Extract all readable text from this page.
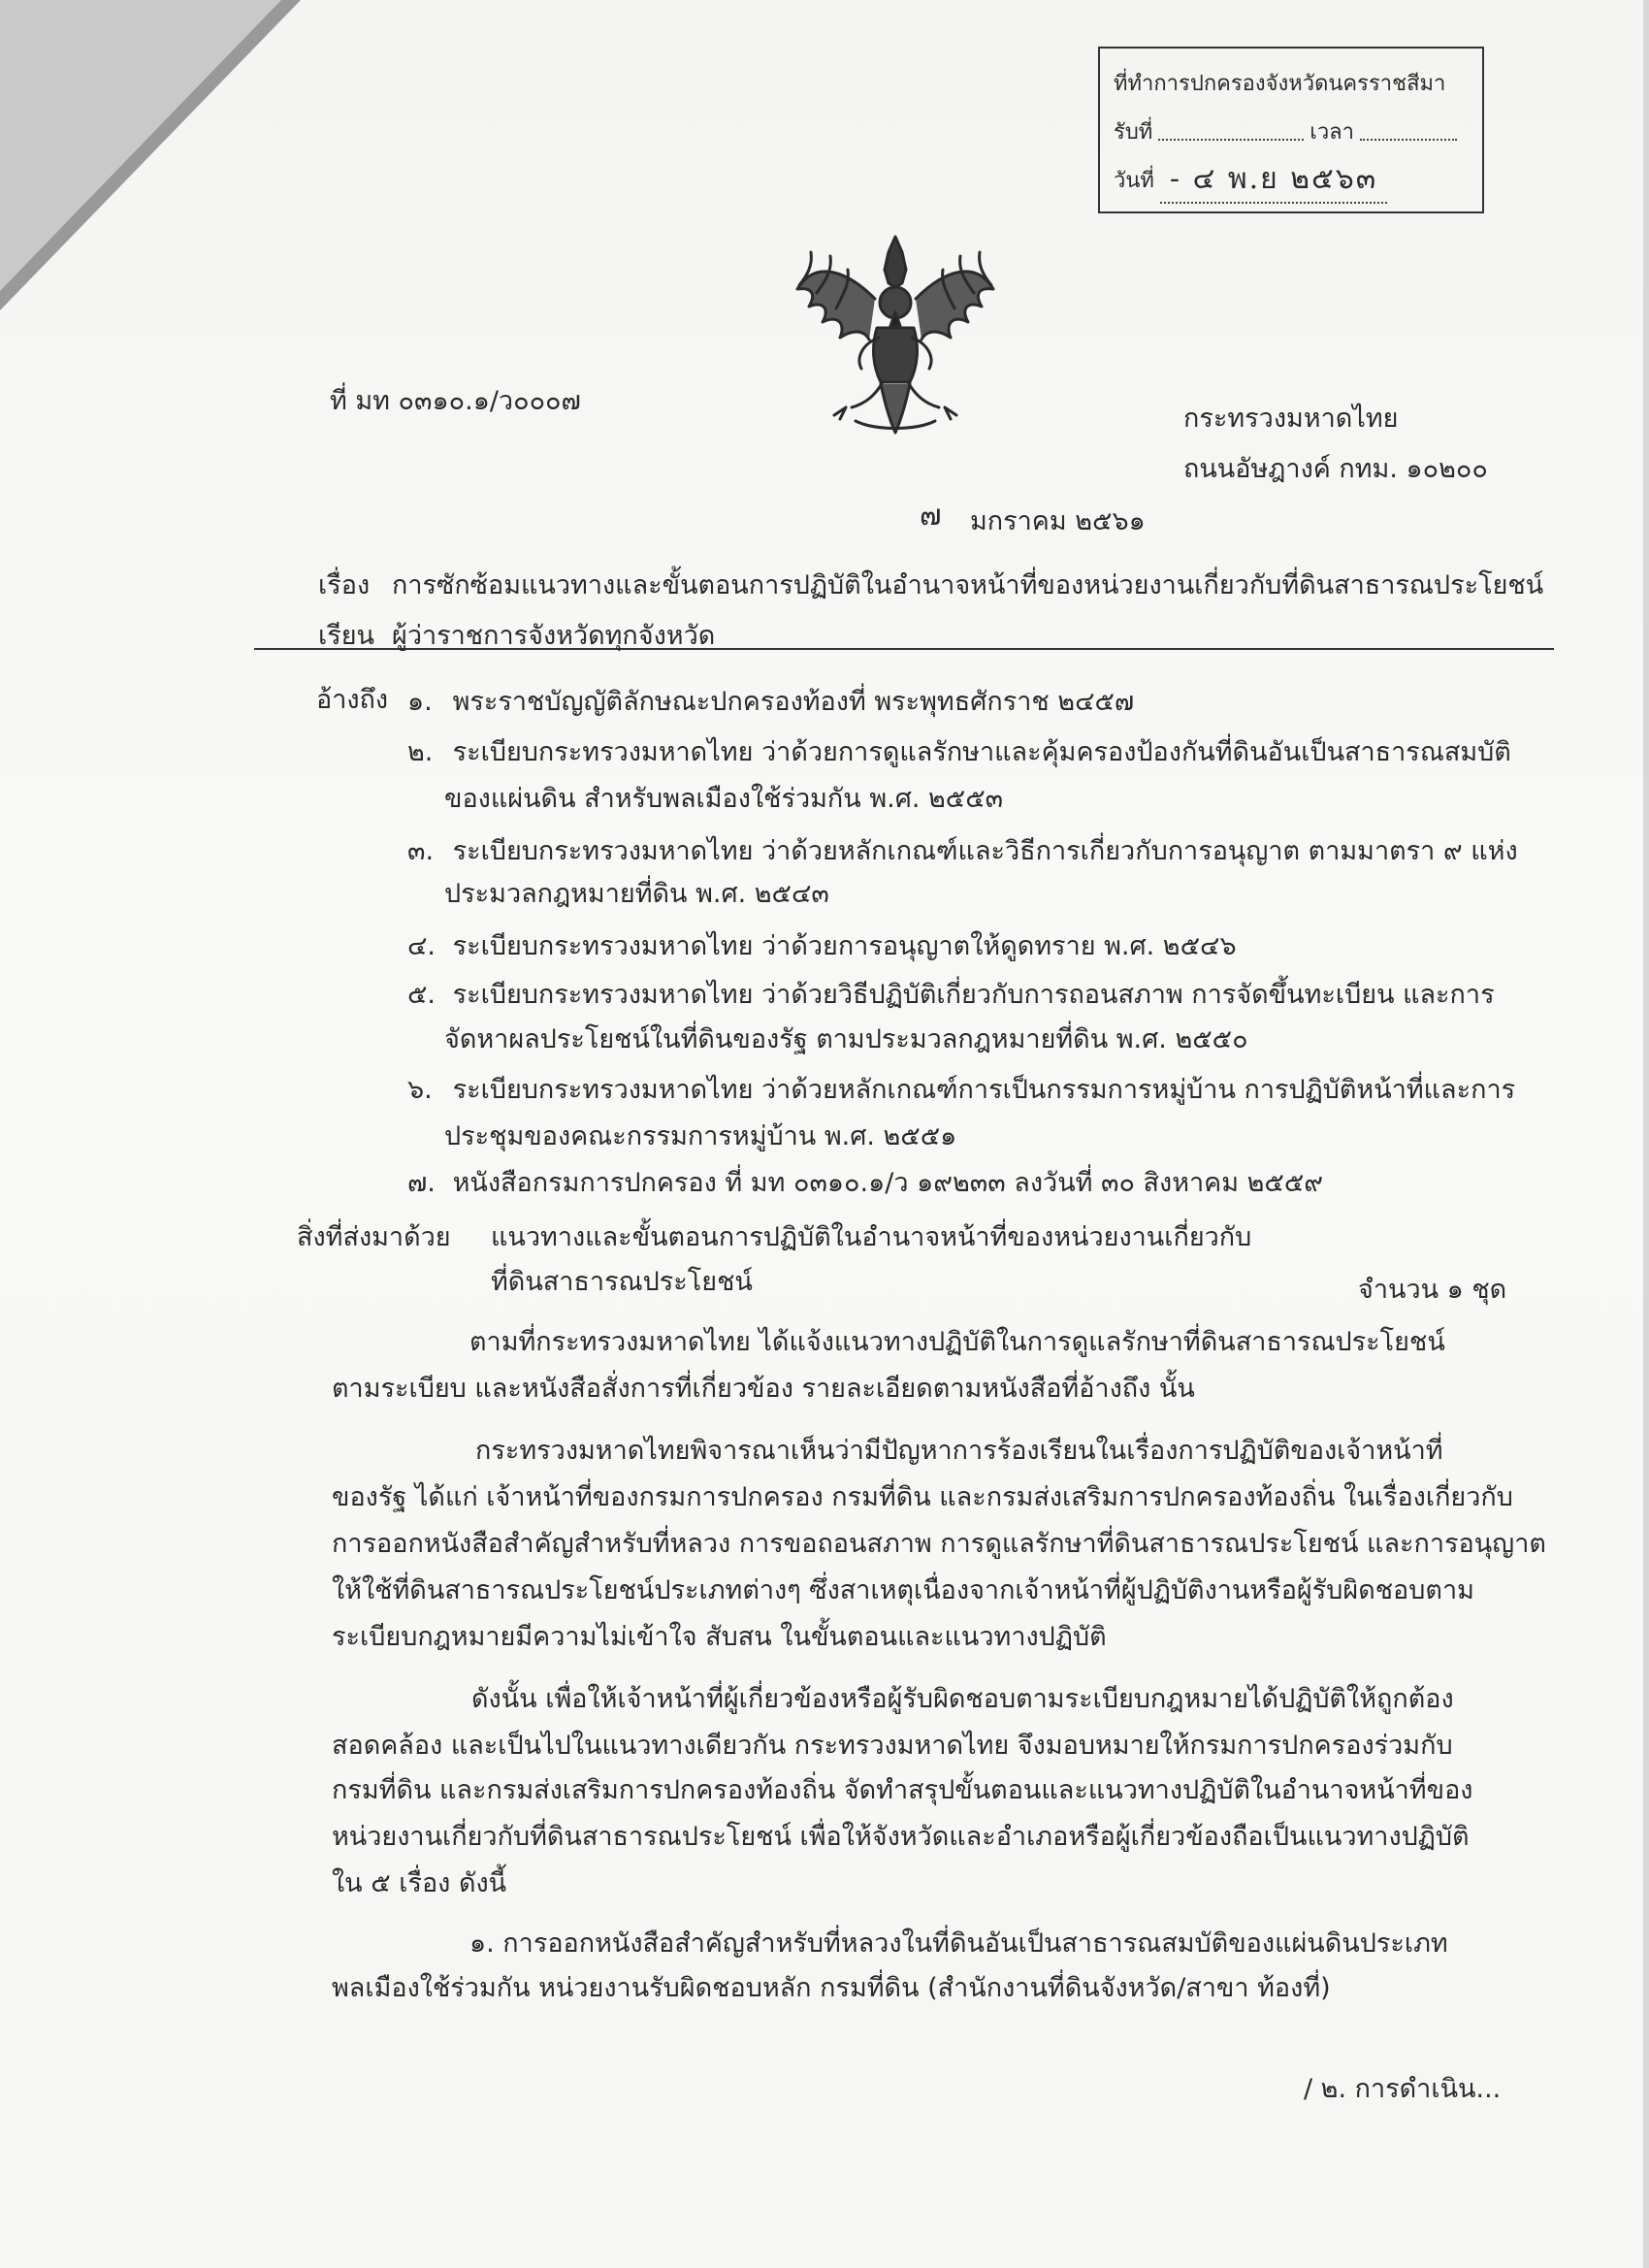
ที่ทำการปกครองจังหวัดนครราชสีมา
รับที่	เวลา
วันที่ - ๔ พ.ย ๒๕๖๓
ที่ มท ๐๓๑๐.๑/ว๐๐๐๗
กระทรวงมหาดไทย
ถนนอัษฎางค์ กทม. ๑๐๒๐๐
๗ มกราคม ๒๕๖๑
เรื่อง การซักซ้อมแนวทางและขั้นตอนการปฏิบัติในอำนาจหน้าที่ของหน่วยงานเกี่ยวกับที่ดินสาธารณประโยชน์
เรียน ผู้ว่าราชการจังหวัดทุกจังหวัด
อ้างถึง ๑. พระราชบัญญัติลักษณะปกครองท้องที่ พระพุทธศักราช ๒๔๕๗
๒. ระเบียบกระทรวงมหาดไทย ว่าด้วยการดูแลรักษาและคุ้มครองป้องกันที่ดินอันเป็นสาธารณสมบัติ
ของแผ่นดิน สำหรับพลเมืองใช้ร่วมกัน พ.ศ. ๒๕๕๓
๓. ระเบียบกระทรวงมหาดไทย ว่าด้วยหลักเกณฑ์และวิธีการเกี่ยวกับการอนุญาต ตามมาตรา ๙ แห่ง
ประมวลกฎหมายที่ดิน พ.ศ. ๒๕๔๓
๔. ระเบียบกระทรวงมหาดไทย ว่าด้วยการอนุญาตให้ดูดทราย พ.ศ. ๒๕๔๖
๕. ระเบียบกระทรวงมหาดไทย ว่าด้วยวิธีปฏิบัติเกี่ยวกับการถอนสภาพ การจัดขึ้นทะเบียน และการ
จัดหาผลประโยชน์ในที่ดินของรัฐ ตามประมวลกฎหมายที่ดิน พ.ศ. ๒๕๕๐
๖. ระเบียบกระทรวงมหาดไทย ว่าด้วยหลักเกณฑ์การเป็นกรรมการหมู่บ้าน การปฏิบัติหน้าที่และการ
ประชุมของคณะกรรมการหมู่บ้าน พ.ศ. ๒๕๕๑
๗. หนังสือกรมการปกครอง ที่ มท ๐๓๑๐.๑/ว ๑๙๒๓๓ ลงวันที่ ๓๐ สิงหาคม ๒๕๕๙
สิ่งที่ส่งมาด้วย แนวทางและขั้นตอนการปฏิบัติในอำนาจหน้าที่ของหน่วยงานเกี่ยวกับ
ที่ดินสาธารณประโยชน์	จำนวน ๑ ชุด
ตามที่กระทรวงมหาดไทย ได้แจ้งแนวทางปฏิบัติในการดูแลรักษาที่ดินสาธารณประโยชน์
ตามระเบียบ และหนังสือสั่งการที่เกี่ยวข้อง รายละเอียดตามหนังสือที่อ้างถึง นั้น
กระทรวงมหาดไทยพิจารณาเห็นว่ามีปัญหาการร้องเรียนในเรื่องการปฏิบัติของเจ้าหน้าที่
ของรัฐ ได้แก่ เจ้าหน้าที่ของกรมการปกครอง กรมที่ดิน และกรมส่งเสริมการปกครองท้องถิ่น ในเรื่องเกี่ยวกับ
การออกหนังสือสำคัญสำหรับที่หลวง การขอถอนสภาพ การดูแลรักษาที่ดินสาธารณประโยชน์ และการอนุญาต
ให้ใช้ที่ดินสาธารณประโยชน์ประเภทต่างๆ ซึ่งสาเหตุเนื่องจากเจ้าหน้าที่ผู้ปฏิบัติงานหรือผู้รับผิดชอบตาม
ระเบียบกฎหมายมีความไม่เข้าใจ สับสน ในขั้นตอนและแนวทางปฏิบัติ
ดังนั้น เพื่อให้เจ้าหน้าที่ผู้เกี่ยวข้องหรือผู้รับผิดชอบตามระเบียบกฎหมายได้ปฏิบัติให้ถูกต้อง
สอดคล้อง และเป็นไปในแนวทางเดียวกัน กระทรวงมหาดไทย จึงมอบหมายให้กรมการปกครองร่วมกับ
กรมที่ดิน และกรมส่งเสริมการปกครองท้องถิ่น จัดทำสรุปขั้นตอนและแนวทางปฏิบัติในอำนาจหน้าที่ของ
หน่วยงานเกี่ยวกับที่ดินสาธารณประโยชน์ เพื่อให้จังหวัดและอำเภอหรือผู้เกี่ยวข้องถือเป็นแนวทางปฏิบัติ
ใน ๕ เรื่อง ดังนี้
๑. การออกหนังสือสำคัญสำหรับที่หลวงในที่ดินอันเป็นสาธารณสมบัติของแผ่นดินประเภท
พลเมืองใช้ร่วมกัน หน่วยงานรับผิดชอบหลัก กรมที่ดิน (สำนักงานที่ดินจังหวัด/สาขา ท้องที่)
/ ๒. การดำเนิน...
